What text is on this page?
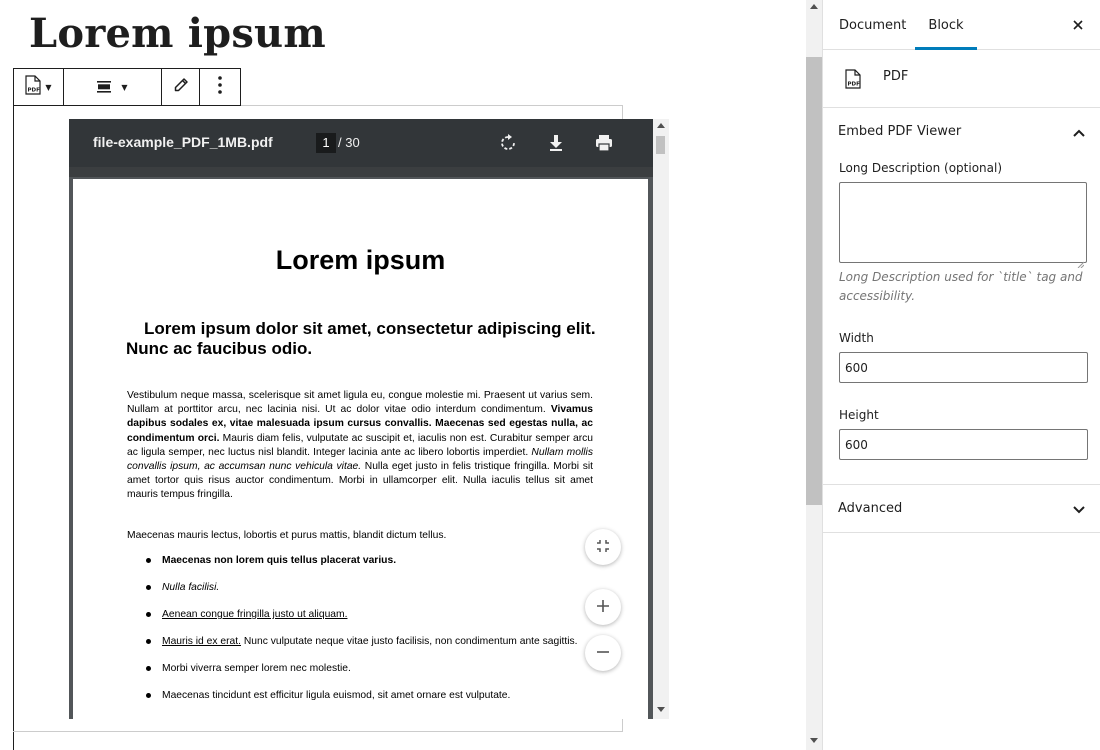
Lorem ipsum
PDF ▼	▼
file-example_PDF_1MB.pdf	1 / 30
Lorem ipsum
Lorem ipsum dolor sit amet, consectetur adipiscing elit. Nunc ac faucibus odio.
Vestibulum neque massa, scelerisque sit amet ligula eu, congue molestie mi. Praesent ut varius sem. Nullam at porttitor arcu, nec lacinia nisi. Ut ac dolor vitae odio interdum condimentum. Vivamus dapibus sodales ex, vitae malesuada ipsum cursus convallis. Maecenas sed egestas nulla, ac condimentum orci. Mauris diam felis, vulputate ac suscipit et, iaculis non est. Curabitur semper arcu ac ligula semper, nec luctus nisl blandit. Integer lacinia ante ac libero lobortis imperdiet. Nullam mollis convallis ipsum, ac accumsan nunc vehicula vitae. Nulla eget justo in felis tristique fringilla. Morbi sit amet tortor quis risus auctor condimentum. Morbi in ullamcorper elit. Nulla iaculis tellus sit amet mauris tempus fringilla.
Maecenas mauris lectus, lobortis et purus mattis, blandit dictum tellus.
Maecenas non lorem quis tellus placerat varius.
Nulla facilisi.
Aenean congue fringilla justo ut aliquam.
Mauris id ex erat. Nunc vulputate neque vitae justo facilisis, non condimentum ante sagittis.
Morbi viverra semper lorem nec molestie.
Maecenas tincidunt est efficitur ligula euismod, sit amet ornare est vulputate.
Document	Block
PDF
PDF
Embed PDF Viewer
Long Description (optional)
Long Description used for `title` tag and accessibility.
Width
600
Height
600
Advanced
